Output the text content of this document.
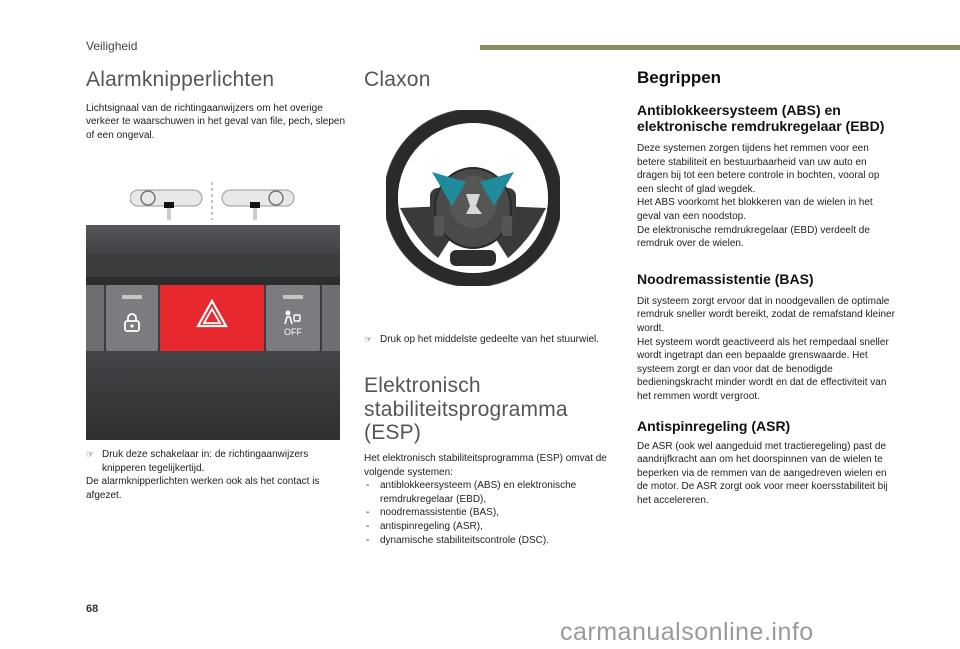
Veiligheid
Alarmknipperlichten

Lichtsignaal van de richtingaanwijzers om het overige verkeer te waarschuwen in het geval van file, pech, slepen of een ongeval.

OFF
☞ Druk deze schakelaar in: de richtingaanwijzers knipperen tegelijkertijd.

De alarmknipperlichten werken ook als het contact is afgezet.

Claxon
☞ Druk op het middelste gedeelte van het stuurwiel.
Elektronisch stabiliteitsprogramma (ESP)

Het elektronisch stabiliteitsprogramma (ESP) omvat de volgende systemen:

- antiblokkeersysteem (ABS) en elektronische remdrukregelaar (EBD),
- noodremassistentie (BAS),
- antispinregeling (ASR),
- dynamische stabiliteitscontrole (DSC).
Begrippen
Antiblokkeersysteem (ABS) en elektronische remdrukregelaar (EBD)

Deze systemen zorgen tijdens het remmen voor een betere stabiliteit en bestuurbaarheid van uw auto en dragen bij tot een betere controle in bochten, vooral op een slecht of glad wegdek.
Het ABS voorkomt het blokkeren van de wielen in het geval van een noodstop.
De elektronische remdrukregelaar (EBD) verdeelt de remdruk over de wielen.

Noodremassistentie (BAS)

Dit systeem zorgt ervoor dat in noodgevallen de optimale remdruk sneller wordt bereikt, zodat de remafstand kleiner wordt.
Het systeem wordt geactiveerd als het rempedaal sneller wordt ingetrapt dan een bepaalde grenswaarde. Het systeem zorgt er dan voor dat de benodigde bedieningskracht minder wordt en dat de effectiviteit van het remmen wordt vergroot.

Antispinregeling (ASR)

De ASR (ook wel aangeduid met tractieregeling) past de aandrijfkracht aan om het doorspinnen van de wielen te beperken via de remmen van de aangedreven wielen en de motor. De ASR zorgt ook voor meer koersstabiliteit bij het accelereren.

68
carmanualsonline.info
